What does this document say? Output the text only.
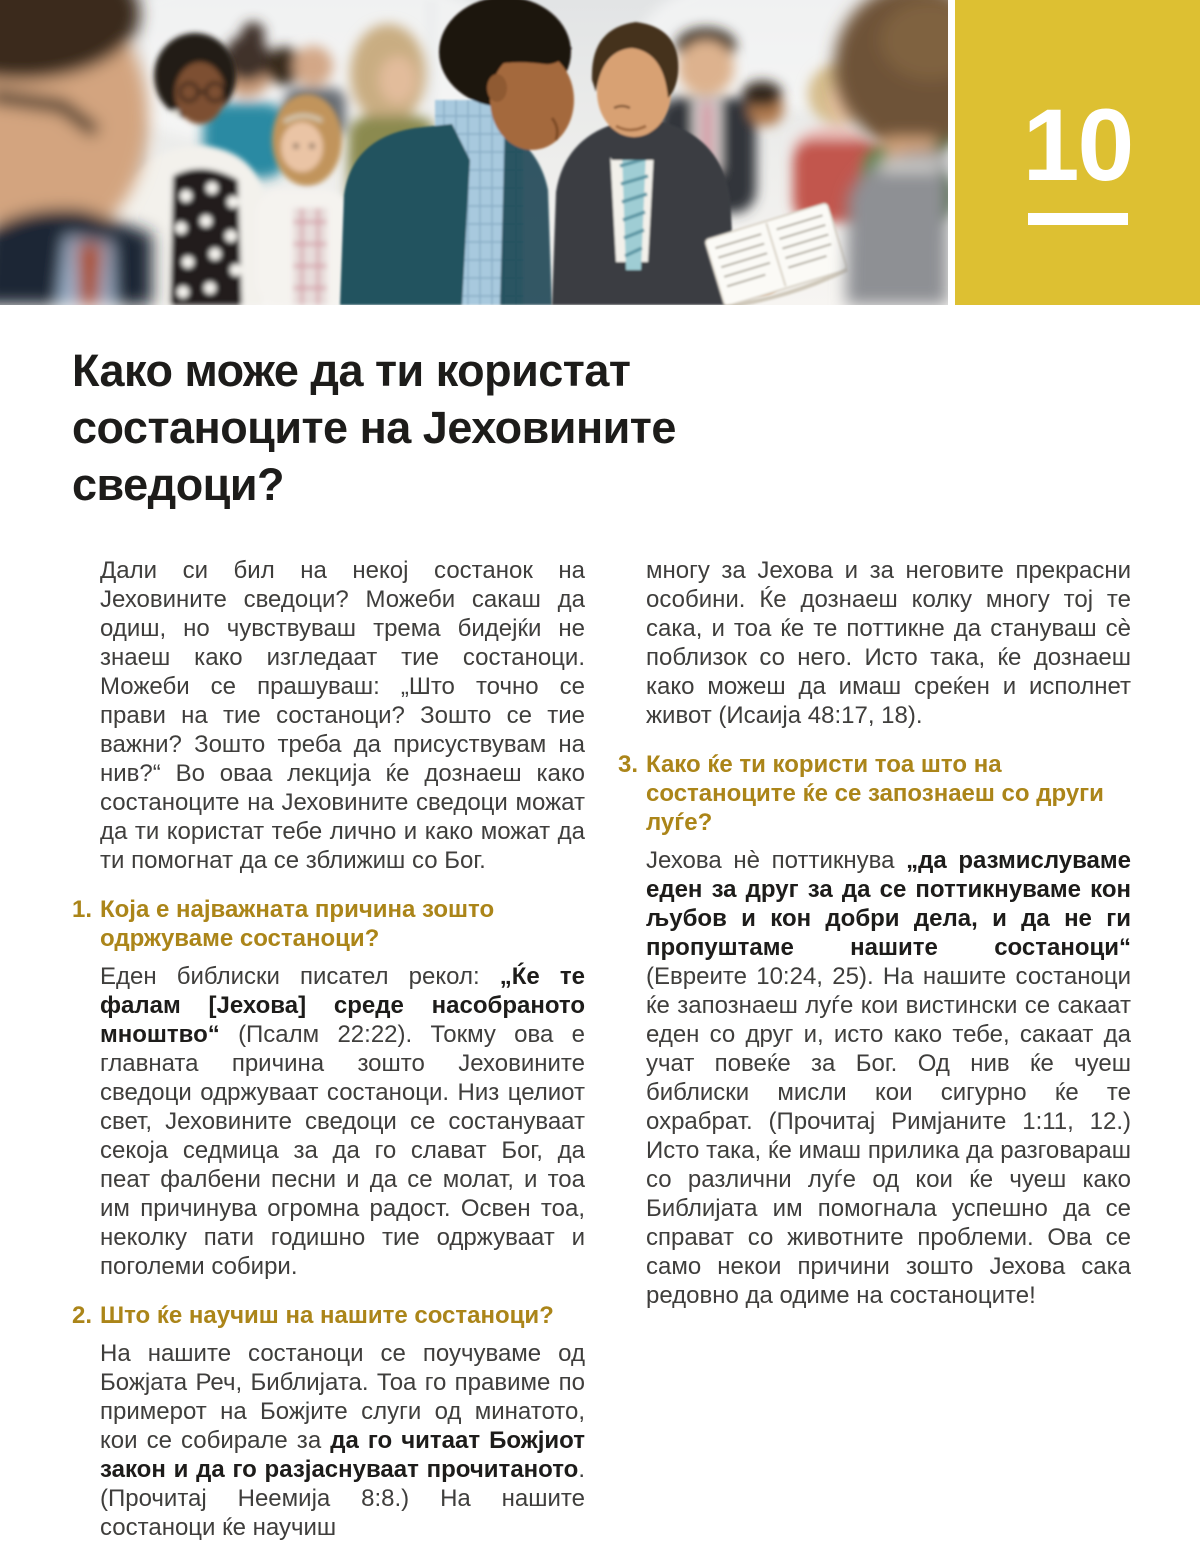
10
Како може да ти користат состаноците на Јеховините сведоци?

Дали си бил на некој состанок на Јеховините сведоци? Можеби сакаш да одиш, но чувствуваш трема бидејќи не знаеш како изгледаат тие состаноци. Можеби се прашуваш: „Што точно се прави на тие состаноци? Зошто се тие важни? Зошто треба да присуствувам на нив?“ Во оваа лекција ќе дознаеш како состаноците на Јеховините сведоци можат да ти користат тебе лично и како можат да ти помогнат да се зближиш со Бог.

1. Која е најважната причина зошто одржуваме состаноци?

Еден библиски писател рекол: „Ќе те фалам [Јехова] среде насобраното мноштво“ (Псалм 22:22). Токму ова е главната причина зошто Јеховините сведоци одржуваат состаноци. Низ целиот свет, Јеховините сведоци се состануваат секоја седмица за да го слават Бог, да пеат фалбени песни и да се молат, и тоа им причинува огромна радост. Освен тоа, неколку пати годишно тие одржуваат и поголеми собири.

2. Што ќе научиш на нашите состаноци?

На нашите состаноци се поучуваме од Божјата Реч, Библијата. Тоа го правиме по примерот на Божјите слуги од минатото, кои се собирале за да го читаат Божјиот закон и да го разјаснуваат прочитаното. (Прочитај Неемија 8:8.) На нашите состаноци ќе научиш

многу за Јехова и за неговите прекрасни особини. Ќе дознаеш колку многу тој те сака, и тоа ќе те поттикне да стануваш сѐ поблизок со него. Исто така, ќе дознаеш како можеш да имаш среќен и исполнет живот (Исаија 48:17, 18).

3. Како ќе ти користи тоа што на состаноците ќе се запознаеш со други луѓе?

Јехова нѐ поттикнува „да размислуваме еден за друг за да се поттикнуваме кон љубов и кон добри дела, и да не ги пропуштаме нашите состаноци“ (Евреите 10:24, 25). На нашите состаноци ќе запознаеш луѓе кои вистински се сакаат еден со друг и, исто како тебе, сакаат да учат повеќе за Бог. Од нив ќе чуеш библиски мисли кои сигурно ќе те охрабрат. (Прочитај Римјаните 1:11, 12.) Исто така, ќе имаш прилика да разговараш со различни луѓе од кои ќе чуеш како Библијата им помогнала успешно да се справат со животните проблеми. Ова се само некои причини зошто Јехова сака редовно да одиме на состаноците!
